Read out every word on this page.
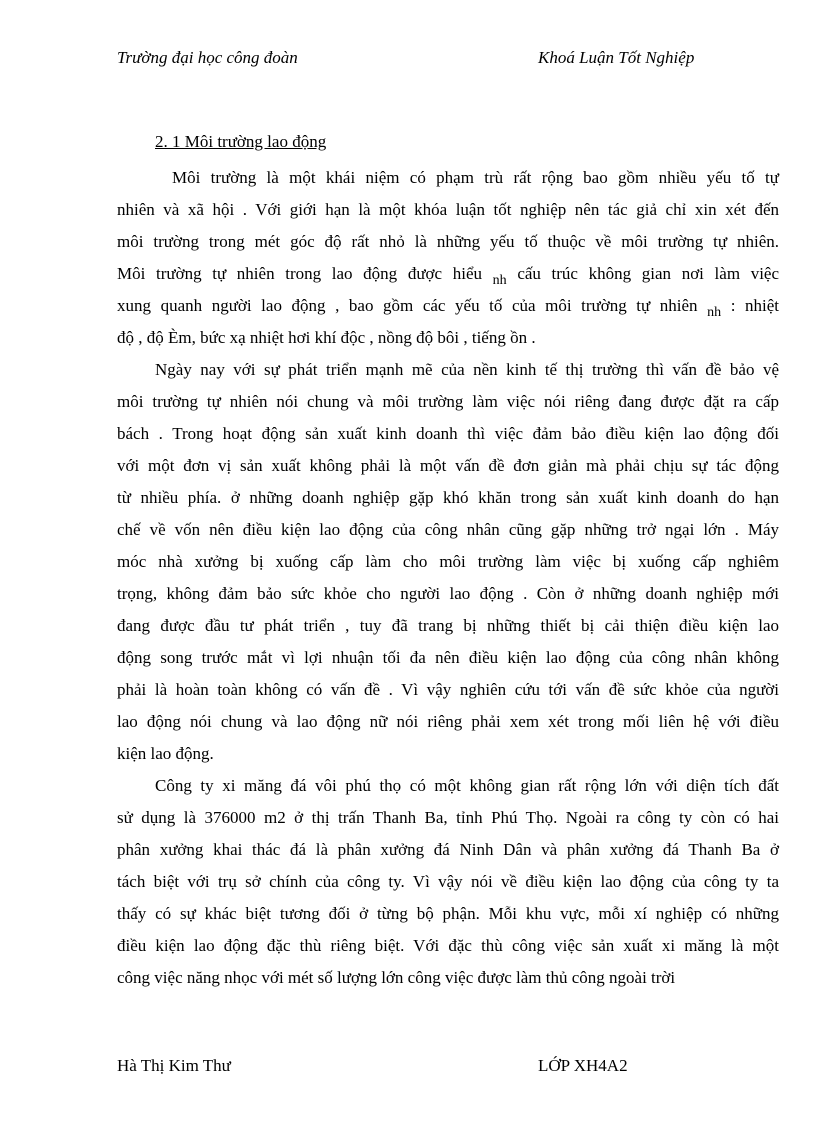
Trường đại học công đoàn	Khoá Luận Tốt Nghiệp
2. 1 Môi trường lao động
Môi trường là một khái niệm có phạm trù rất rộng bao gồm nhiều yếu tố tự
nhiên và xã hội . Với giới hạn là một khóa luận tốt nghiệp nên tác giả chỉ xin xét đến
môi trường trong mét góc độ rất nhỏ là những yếu tố thuộc về môi trường tự nhiên.
Môi trường tự nhiên trong lao động được hiểu $_{nh}$ cấu trúc không gian nơi làm việc
xung quanh người lao động , bao gồm các yếu tố của môi trường tự nhiên $_{nh}$ : nhiệt
độ , độ Èm, bức xạ nhiệt hơi khí độc , nồng độ bôi , tiếng ồn .
Ngày nay với sự phát triển mạnh mẽ của nền kinh tế thị trường thì vấn đề bảo vệ
môi trường tự nhiên nói chung và môi trường làm việc nói riêng đang được đặt ra cấp
bách . Trong hoạt động sản xuất kinh doanh thì việc đảm bảo điều kiện lao động đối
với một đơn vị sản xuất không phải là một vấn đề đơn giản mà phải chịu sự tác động
từ nhiều phía. ở những doanh nghiệp gặp khó khăn trong sản xuất kinh doanh do hạn
chế về vốn nên điều kiện lao động của công nhân cũng gặp những trở ngại lớn . Máy
móc nhà xưởng bị xuống cấp làm cho môi trường làm việc bị xuống cấp nghiêm
trọng, không đảm bảo sức khỏe cho người lao động . Còn ở những doanh nghiệp mới
đang được đầu tư phát triển , tuy đã trang bị những thiết bị cải thiện điều kiện lao
động song trước mắt vì lợi nhuận tối đa nên điều kiện lao động của công nhân không
phải là hoàn toàn không có vấn đề . Vì vậy nghiên cứu tới vấn đề sức khỏe của người
lao động nói chung và lao động nữ nói riêng phải xem xét trong mối liên hệ với điều
kiện lao động.
Công ty xi măng đá vôi phú thọ có một không gian rất rộng lớn với diện tích đất
sử dụng là 376000 m2 ở thị trấn Thanh Ba, tỉnh Phú Thọ. Ngoài ra công ty còn có hai
phân xưởng khai thác đá là phân xưởng đá Ninh Dân và phân xưởng đá Thanh Ba ở
tách biệt với trụ sở chính của công ty. Vì vậy nói về điều kiện lao động của công ty ta
thấy có sự khác biệt tương đối ở từng bộ phận. Mỗi khu vực, mỗi xí nghiệp có những
điều kiện lao động đặc thù riêng biệt. Với đặc thù công việc sản xuất xi măng là một
công việc năng nhọc với mét số lượng lớn công việc được làm thủ công ngoài trời
Hà Thị Kim Thư	LỚP XH4A2
